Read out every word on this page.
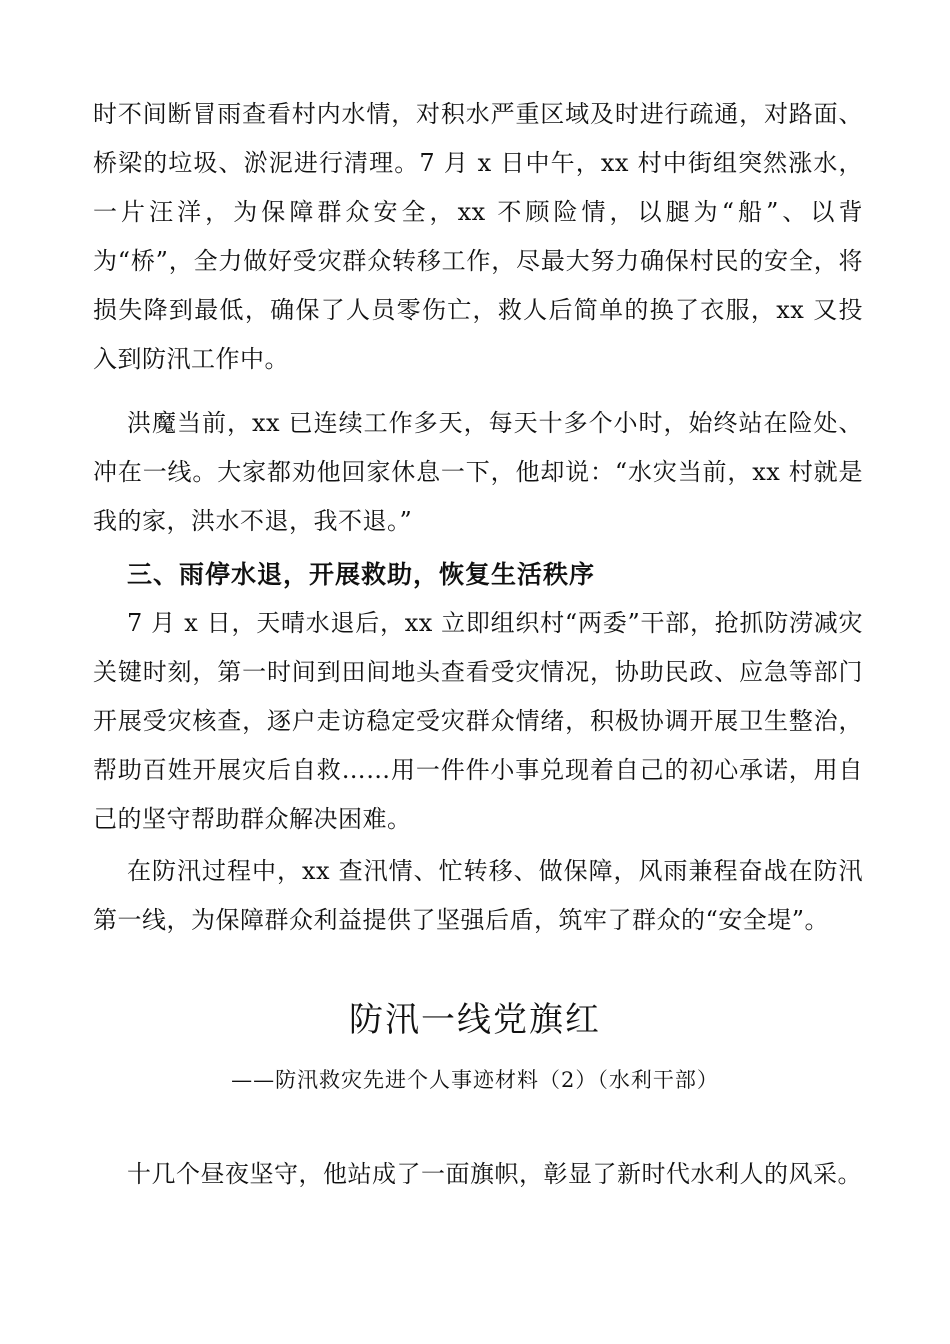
时不间断冒雨查看村内水情，对积水严重区域及时进行疏通，对路面、桥梁的垃圾、淤泥进行清理。7 月 x 日中午，xx 村中街组突然涨水，一片汪洋，为保障群众安全，xx 不顾险情，以腿为“船”、以背为“桥”，全力做好受灾群众转移工作，尽最大努力确保村民的安全，将损失降到最低，确保了人员零伤亡，救人后简单的换了衣服，xx 又投入到防汛工作中。

洪魔当前，xx 已连续工作多天，每天十多个小时，始终站在险处、冲在一线。大家都劝他回家休息一下，他却说：“水灾当前，xx 村就是我的家，洪水不退，我不退。”

三、雨停水退，开展救助，恢复生活秩序

7 月 x 日，天晴水退后，xx 立即组织村“两委”干部，抢抓防涝减灾关键时刻，第一时间到田间地头查看受灾情况，协助民政、应急等部门开展受灾核查，逐户走访稳定受灾群众情绪，积极协调开展卫生整治，帮助百姓开展灾后自救……用一件件小事兑现着自己的初心承诺，用自己的坚守帮助群众解决困难。

在防汛过程中，xx 查汛情、忙转移、做保障，风雨兼程奋战在防汛第一线，为保障群众利益提供了坚强后盾，筑牢了群众的“安全堤”。

防汛一线党旗红
——防汛救灾先进个人事迹材料（2）（水利干部）

十几个昼夜坚守，他站成了一面旗帜，彰显了新时代水利人的风采。
